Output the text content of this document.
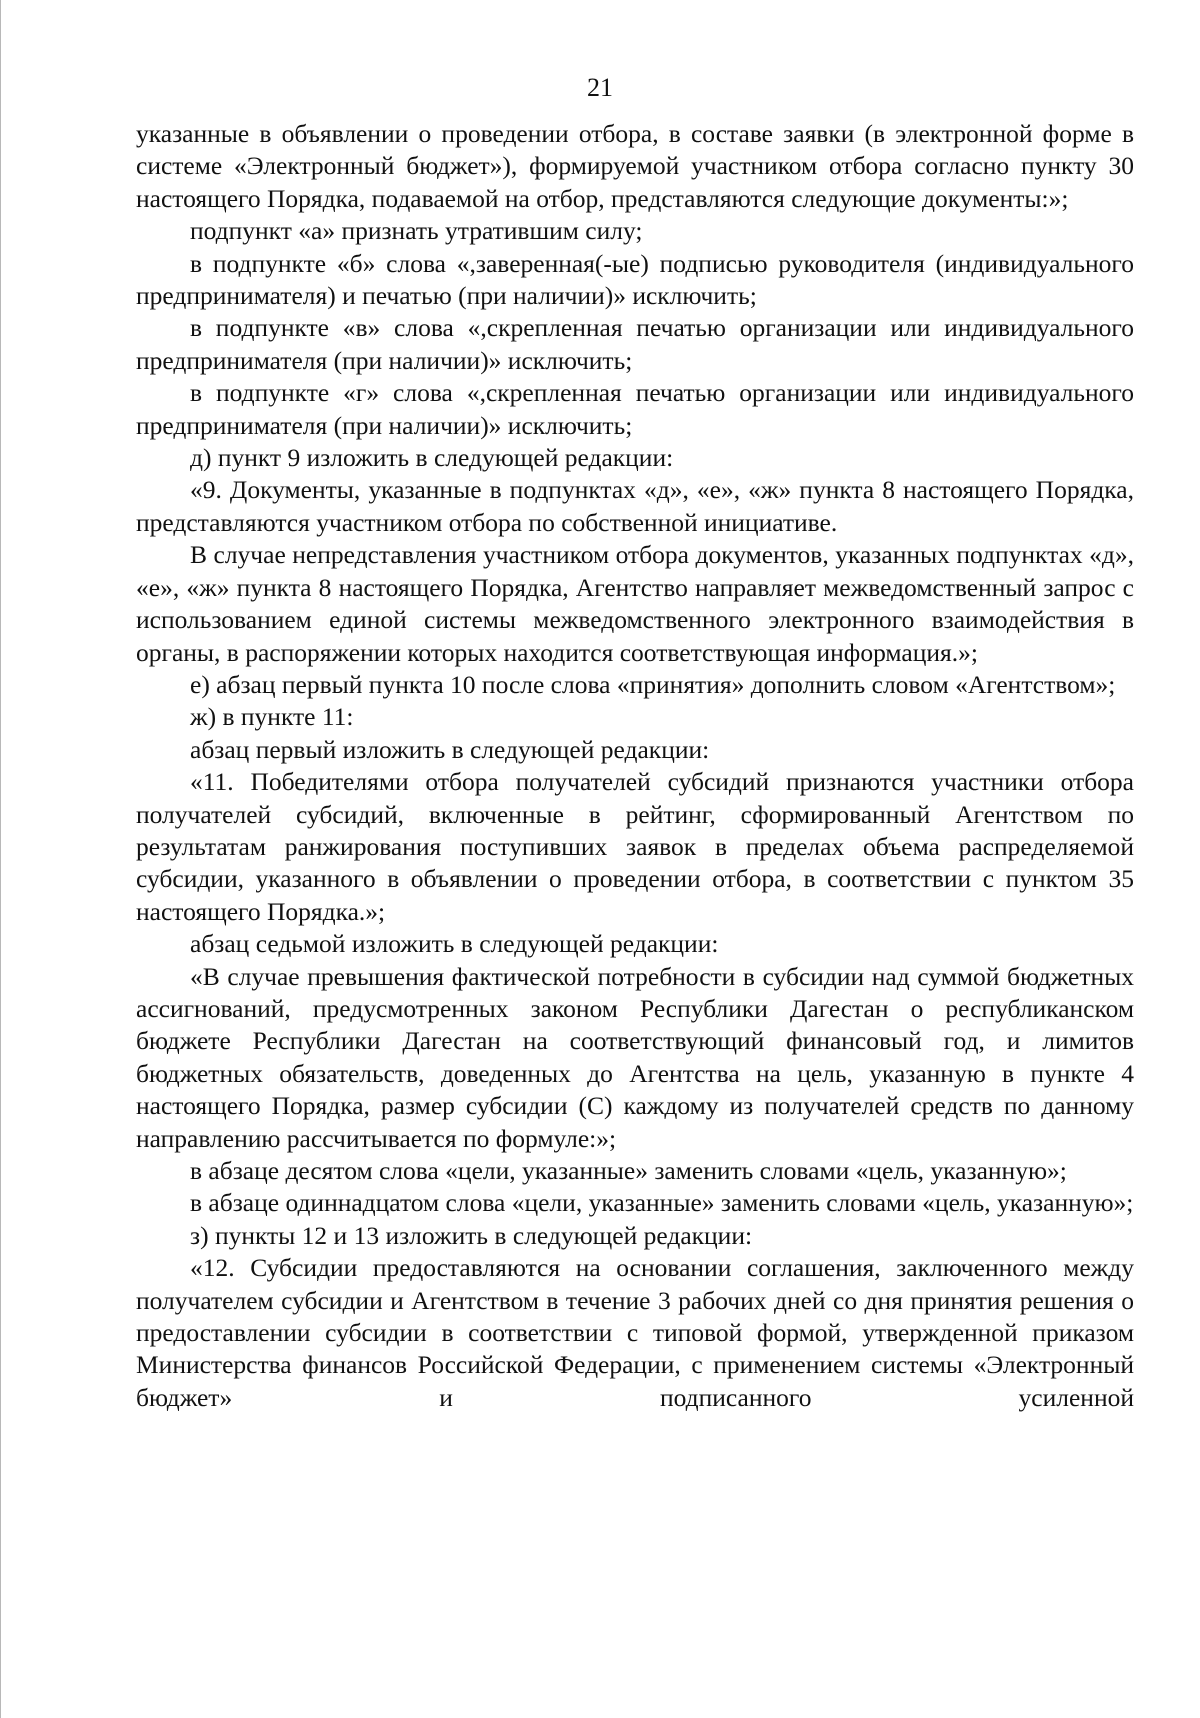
21

указанные в объявлении о проведении отбора, в составе заявки (в электронной форме в системе «Электронный бюджет»), формируемой участником отбора согласно пункту 30 настоящего Порядка, подаваемой на отбор, представляются следующие документы:»;

подпункт «а» признать утратившим силу;

в подпункте «б» слова «,заверенная(-ые) подписью руководителя (индивидуального предпринимателя) и печатью (при наличии)» исключить;

в подпункте «в» слова «,скрепленная печатью организации или индивидуального предпринимателя (при наличии)» исключить;

в подпункте «г» слова «,скрепленная печатью организации или индивидуального предпринимателя (при наличии)» исключить;

д) пункт 9 изложить в следующей редакции:

«9. Документы, указанные в подпунктах «д», «е», «ж» пункта 8 настоящего Порядка, представляются участником отбора по собственной инициативе.

В случае непредставления участником отбора документов, указанных подпунктах «д», «е», «ж» пункта 8 настоящего Порядка, Агентство направляет межведомственный запрос с использованием единой системы межведомственного электронного взаимодействия в органы, в распоряжении которых находится соответствующая информация.»;

е) абзац первый пункта 10 после слова «принятия» дополнить словом «Агентством»;

ж) в пункте 11:

абзац первый изложить в следующей редакции:

«11. Победителями отбора получателей субсидий признаются участники отбора получателей субсидий, включенные в рейтинг, сформированный Агентством по результатам ранжирования поступивших заявок в пределах объема распределяемой субсидии, указанного в объявлении о проведении отбора, в соответствии с пунктом 35 настоящего Порядка.»;

абзац седьмой изложить в следующей редакции:

«В случае превышения фактической потребности в субсидии над суммой бюджетных ассигнований, предусмотренных законом Республики Дагестан о республиканском бюджете Республики Дагестан на соответствующий финансовый год, и лимитов бюджетных обязательств, доведенных до Агентства на цель, указанную в пункте 4 настоящего Порядка, размер субсидии (С) каждому из получателей средств по данному направлению рассчитывается по формуле:»;

в абзаце десятом слова «цели, указанные» заменить словами «цель, указанную»;

в абзаце одиннадцатом слова «цели, указанные» заменить словами «цель, указанную»;

з) пункты 12 и 13 изложить в следующей редакции:

«12. Субсидии предоставляются на основании соглашения, заключенного между получателем субсидии и Агентством в течение 3 рабочих дней со дня принятия решения о предоставлении субсидии в соответствии с типовой формой, утвержденной приказом Министерства финансов Российской Федерации, с применением системы «Электронный бюджет» и подписанного усиленной
